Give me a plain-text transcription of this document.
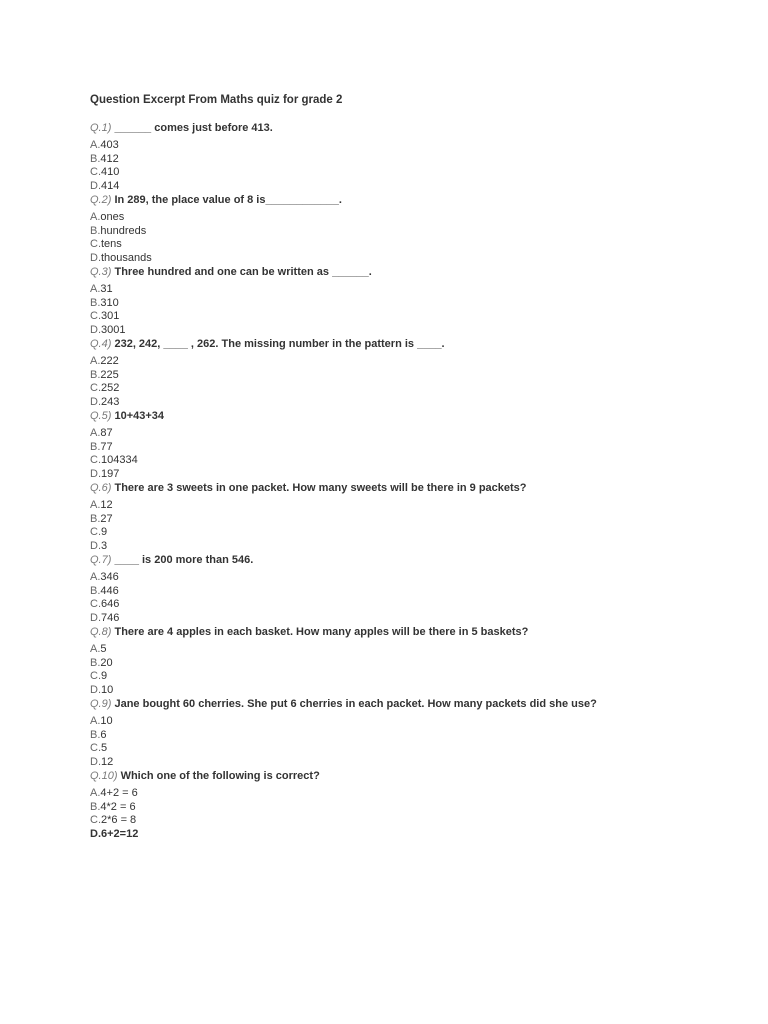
Question Excerpt From Maths quiz for grade 2
Q.1) ______ comes just before 413.
A.403
B.412
C.410
D.414
Q.2) In 289, the place value of 8 is____________.
A.ones
B.hundreds
C.tens
D.thousands
Q.3) Three hundred and one can be written as ______.
A.31
B.310
C.301
D.3001
Q.4) 232, 242, ____ , 262. The missing number in the pattern is ____.
A.222
B.225
C.252
D.243
Q.5) 10+43+34
A.87
B.77
C.104334
D.197
Q.6) There are 3 sweets in one packet. How many sweets will be there in 9 packets?
A.12
B.27
C.9
D.3
Q.7) ____ is 200 more than 546.
A.346
B.446
C.646
D.746
Q.8) There are 4 apples in each basket. How many apples will be there in 5 baskets?
A.5
B.20
C.9
D.10
Q.9) Jane bought 60 cherries. She put 6 cherries in each packet. How many packets did she use?
A.10
B.6
C.5
D.12
Q.10) Which one of the following is correct?
A.4+2 = 6
B.4*2 = 6
C.2*6 = 8
D.6+2=12
